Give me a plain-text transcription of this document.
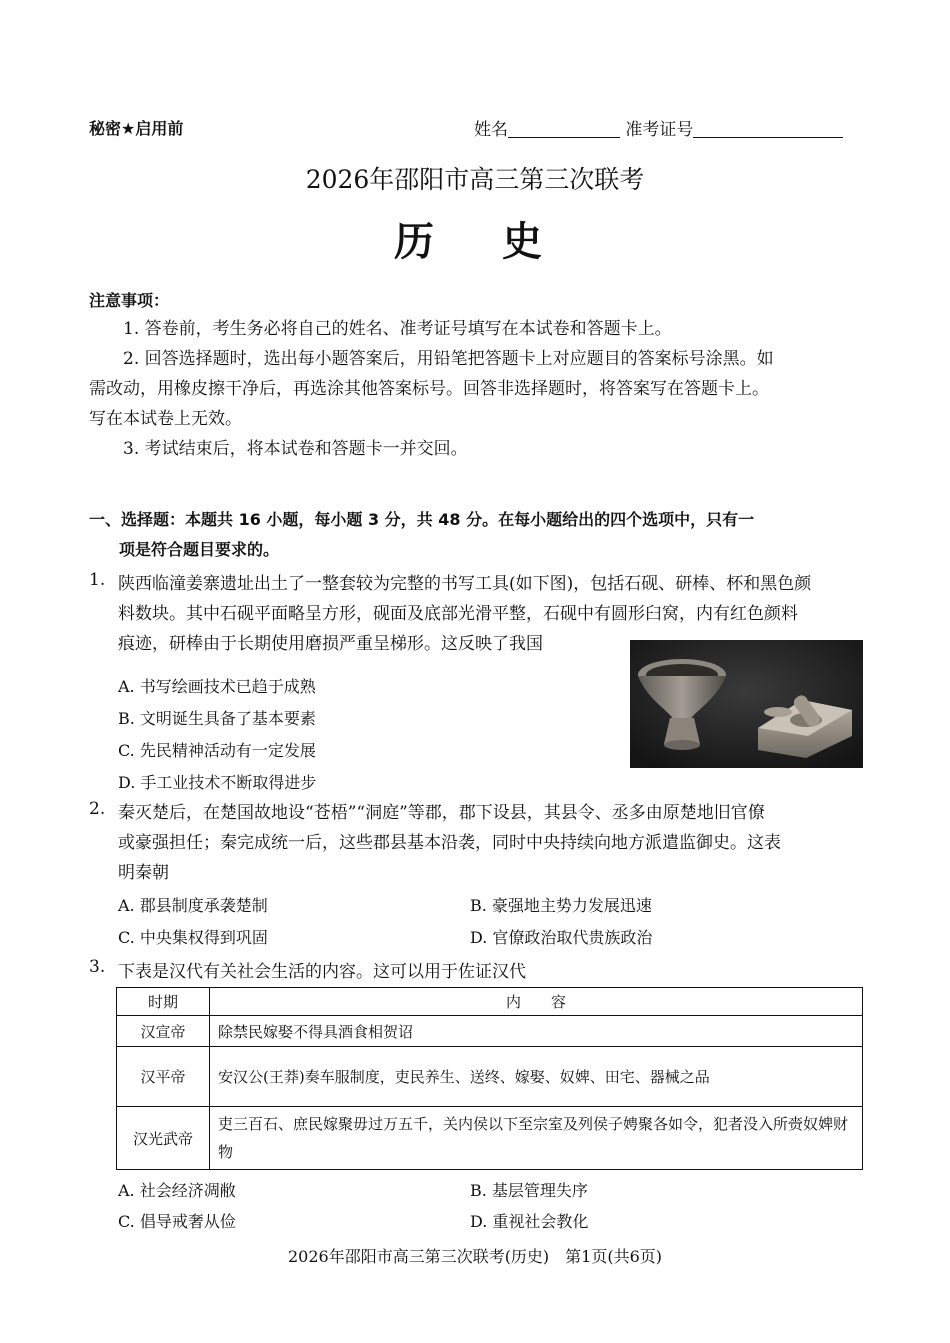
秘密★启用前	姓名	准考证号
2026年邵阳市高三第三次联考
历　史
注意事项：
1. 答卷前，考生务必将自己的姓名、准考证号填写在本试卷和答题卡上。
2. 回答选择题时，选出每小题答案后，用铅笔把答题卡上对应题目的答案标号涂黑。如
需改动，用橡皮擦干净后，再选涂其他答案标号。回答非选择题时，将答案写在答题卡上。
写在本试卷上无效。
3. 考试结束后，将本试卷和答题卡一并交回。
一、选择题：本题共 16 小题，每小题 3 分，共 48 分。在每小题给出的四个选项中，只有一
项是符合题目要求的。
1. 陕西临潼姜寨遗址出土了一整套较为完整的书写工具(如下图)，包括石砚、研棒、杯和黑色颜
料数块。其中石砚平面略呈方形，砚面及底部光滑平整，石砚中有圆形臼窝，内有红色颜料
痕迹，研棒由于长期使用磨损严重呈梯形。这反映了我国
A. 书写绘画技术已趋于成熟
B. 文明诞生具备了基本要素
C. 先民精神活动有一定发展
D. 手工业技术不断取得进步
2. 秦灭楚后，在楚国故地设“苍梧”“洞庭”等郡，郡下设县，其县令、丞多由原楚地旧官僚
或豪强担任；秦完成统一后，这些郡县基本沿袭，同时中央持续向地方派遣监御史。这表
明秦朝
A. 郡县制度承袭楚制	B. 豪强地主势力发展迅速
C. 中央集权得到巩固	D. 官僚政治取代贵族政治
3. 下表是汉代有关社会生活的内容。这可以用于佐证汉代
时期	内　　容
汉宣帝	除禁民嫁娶不得具酒食相贺诏
汉平帝	安汉公(王莽)奏车服制度，吏民养生、送终、嫁娶、奴婢、田宅、器械之品
汉光武帝	吏三百石、庶民嫁聚毋过万五千，关内侯以下至宗室及列侯子娉聚各如令，犯者没入所赍奴婢财物
A. 社会经济凋敝	B. 基层管理失序
C. 倡导戒奢从俭	D. 重视社会教化
2026年邵阳市高三第三次联考(历史)　第1页(共6页)
